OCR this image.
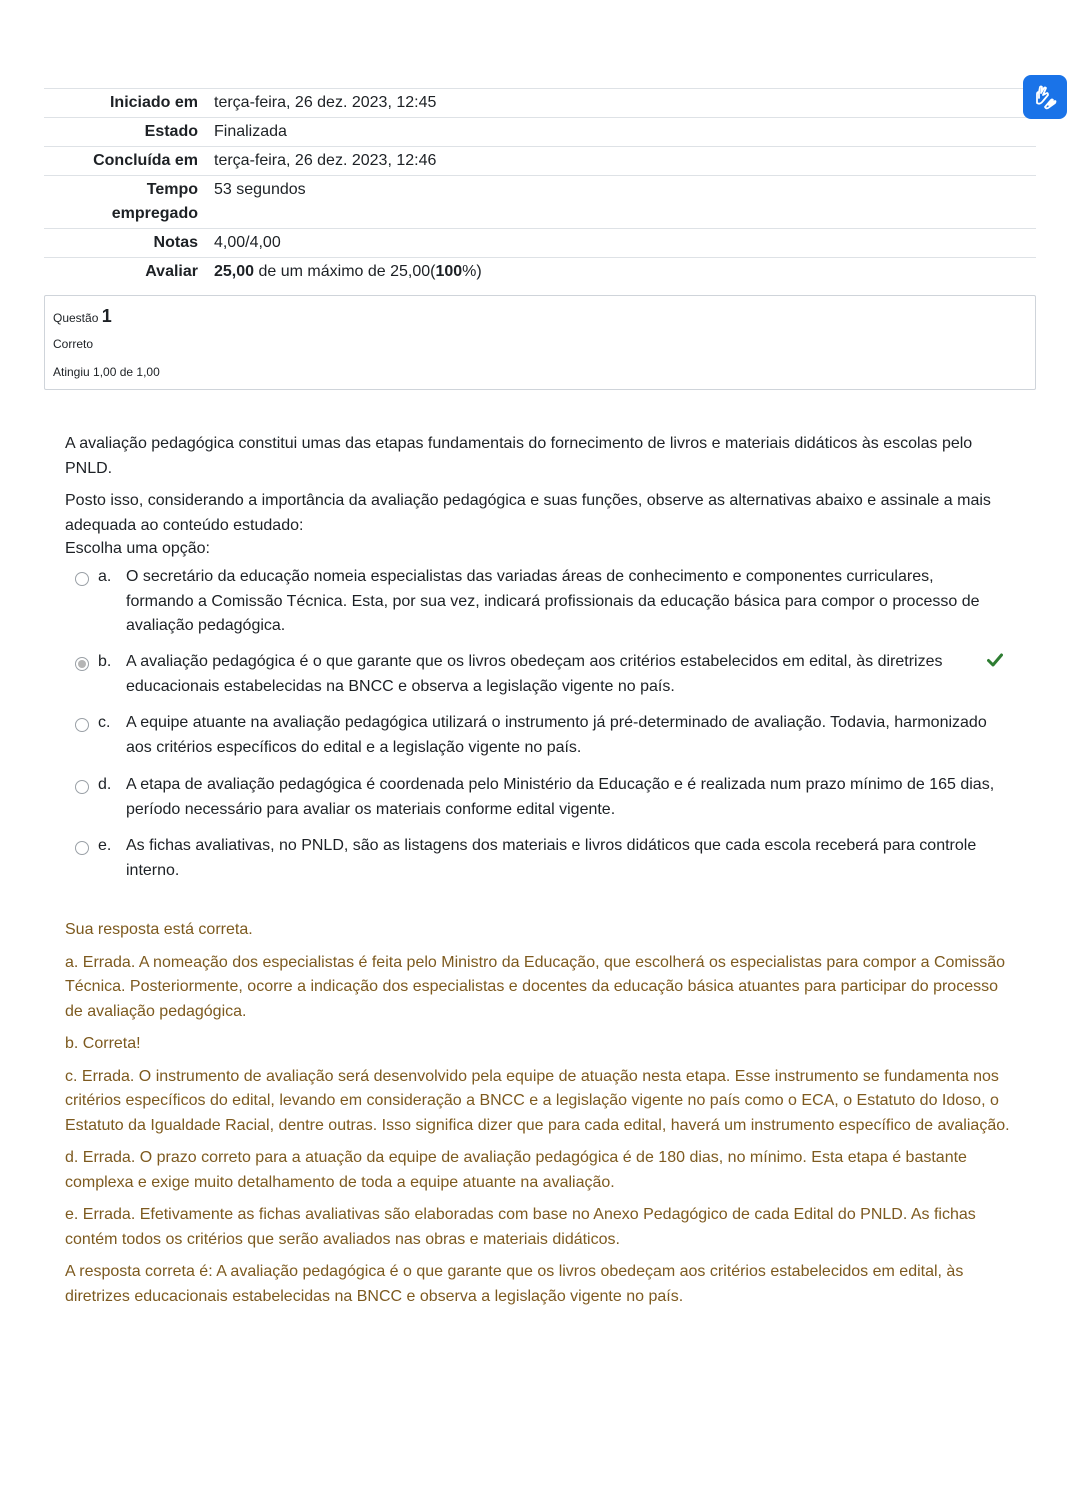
Iniciado em	terça-feira, 26 dez. 2023, 12:45
Estado	Finalizada
Concluída em	terça-feira, 26 dez. 2023, 12:46
Tempo empregado	53 segundos
Notas	4,00/4,00
Avaliar	25,00 de um máximo de 25,00(100%)
Questão 1
Correto
Atingiu 1,00 de 1,00

A avaliação pedagógica constitui umas das etapas fundamentais do fornecimento de livros e materiais didáticos às escolas pelo PNLD.

Posto isso, considerando a importância da avaliação pedagógica e suas funções, observe as alternativas abaixo e assinale a mais adequada ao conteúdo estudado:

Escolha uma opção:
a. O secretário da educação nomeia especialistas das variadas áreas de conhecimento e componentes curriculares, formando a Comissão Técnica. Esta, por sua vez, indicará profissionais da educação básica para compor o processo de avaliação pedagógica.
b. A avaliação pedagógica é o que garante que os livros obedeçam aos critérios estabelecidos em edital, às diretrizes educacionais estabelecidas na BNCC e observa a legislação vigente no país.
c. A equipe atuante na avaliação pedagógica utilizará o instrumento já pré-determinado de avaliação. Todavia, harmonizado aos critérios específicos do edital e a legislação vigente no país.
d. A etapa de avaliação pedagógica é coordenada pelo Ministério da Educação e é realizada num prazo mínimo de 165 dias, período necessário para avaliar os materiais conforme edital vigente.
e. As fichas avaliativas, no PNLD, são as listagens dos materiais e livros didáticos que cada escola receberá para controle interno.

Sua resposta está correta.

a. Errada. A nomeação dos especialistas é feita pelo Ministro da Educação, que escolherá os especialistas para compor a Comissão Técnica. Posteriormente, ocorre a indicação dos especialistas e docentes da educação básica atuantes para participar do processo de avaliação pedagógica.

b. Correta!

c. Errada. O instrumento de avaliação será desenvolvido pela equipe de atuação nesta etapa. Esse instrumento se fundamenta nos critérios específicos do edital, levando em consideração a BNCC e a legislação vigente no país como o ECA, o Estatuto do Idoso, o Estatuto da Igualdade Racial, dentre outras. Isso significa dizer que para cada edital, haverá um instrumento específico de avaliação.

d. Errada. O prazo correto para a atuação da equipe de avaliação pedagógica é de 180 dias, no mínimo. Esta etapa é bastante complexa e exige muito detalhamento de toda a equipe atuante na avaliação.

e. Errada. Efetivamente as fichas avaliativas são elaboradas com base no Anexo Pedagógico de cada Edital do PNLD. As fichas contém todos os critérios que serão avaliados nas obras e materiais didáticos.

A resposta correta é: A avaliação pedagógica é o que garante que os livros obedeçam aos critérios estabelecidos em edital, às diretrizes educacionais estabelecidas na BNCC e observa a legislação vigente no país.
